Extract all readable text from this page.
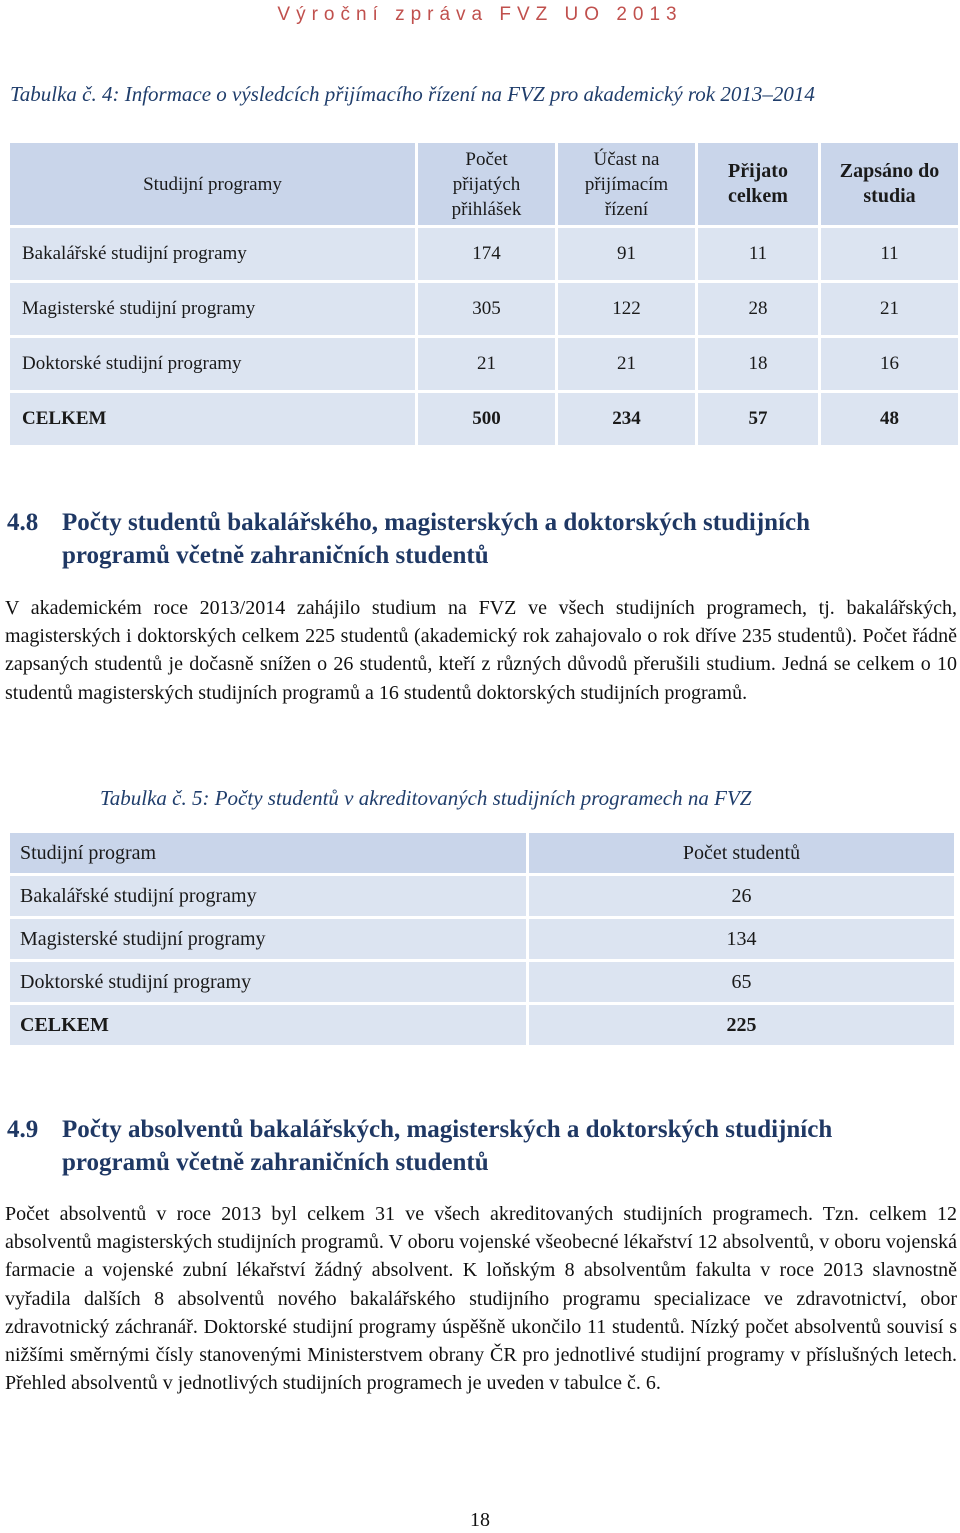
Výroční zpráva FVZ UO 2013
Tabulka č. 4: Informace o výsledcích přijímacího řízení na FVZ pro akademický rok 2013–2014
Studijní programy	Počet přijatých přihlášek	Účast na přijímacím řízení	Přijato celkem	Zapsáno do studia
Bakalářské studijní programy	174	91	11	11
Magisterské studijní programy	305	122	28	21
Doktorské studijní programy	21	21	18	16
CELKEM	500	234	57	48
4.8 Počty studentů bakalářského, magisterských a doktorských studijních
programů včetně zahraničních studentů
V akademickém roce 2013/2014 zahájilo studium na FVZ ve všech studijních programech, tj. bakalářských, magisterských i doktorských celkem 225 studentů (akademický rok zahajovalo o rok dříve 235 studentů). Počet řádně zapsaných studentů je dočasně snížen o 26 studentů, kteří z různých důvodů přerušili studium. Jedná se celkem o 10 studentů magisterských studijních programů a 16 studentů doktorských studijních programů.
Tabulka č. 5: Počty studentů v akreditovaných studijních programech na FVZ
Studijní program	Počet studentů
Bakalářské studijní programy	26
Magisterské studijní programy	134
Doktorské studijní programy	65
CELKEM	225
4.9 Počty absolventů bakalářských, magisterských a doktorských studijních
programů včetně zahraničních studentů
Počet absolventů v roce 2013 byl celkem 31 ve všech akreditovaných studijních programech. Tzn. celkem 12 absolventů magisterských studijních programů. V oboru vojenské všeobecné lékařství 12 absolventů, v oboru vojenská farmacie a vojenské zubní lékařství žádný absolvent. K loňským 8 absolventům fakulta v roce 2013 slavnostně vyřadila dalších 8 absolventů nového bakalářského studijního programu specializace ve zdravotnictví, obor zdravotnický záchranář. Doktorské studijní programy úspěšně ukončilo 11 studentů. Nízký počet absolventů souvisí s nižšími směrnými čísly stanovenými Ministerstvem obrany ČR pro jednotlivé studijní programy v příslušných letech. Přehled absolventů v jednotlivých studijních programech je uveden v tabulce č. 6.
18
